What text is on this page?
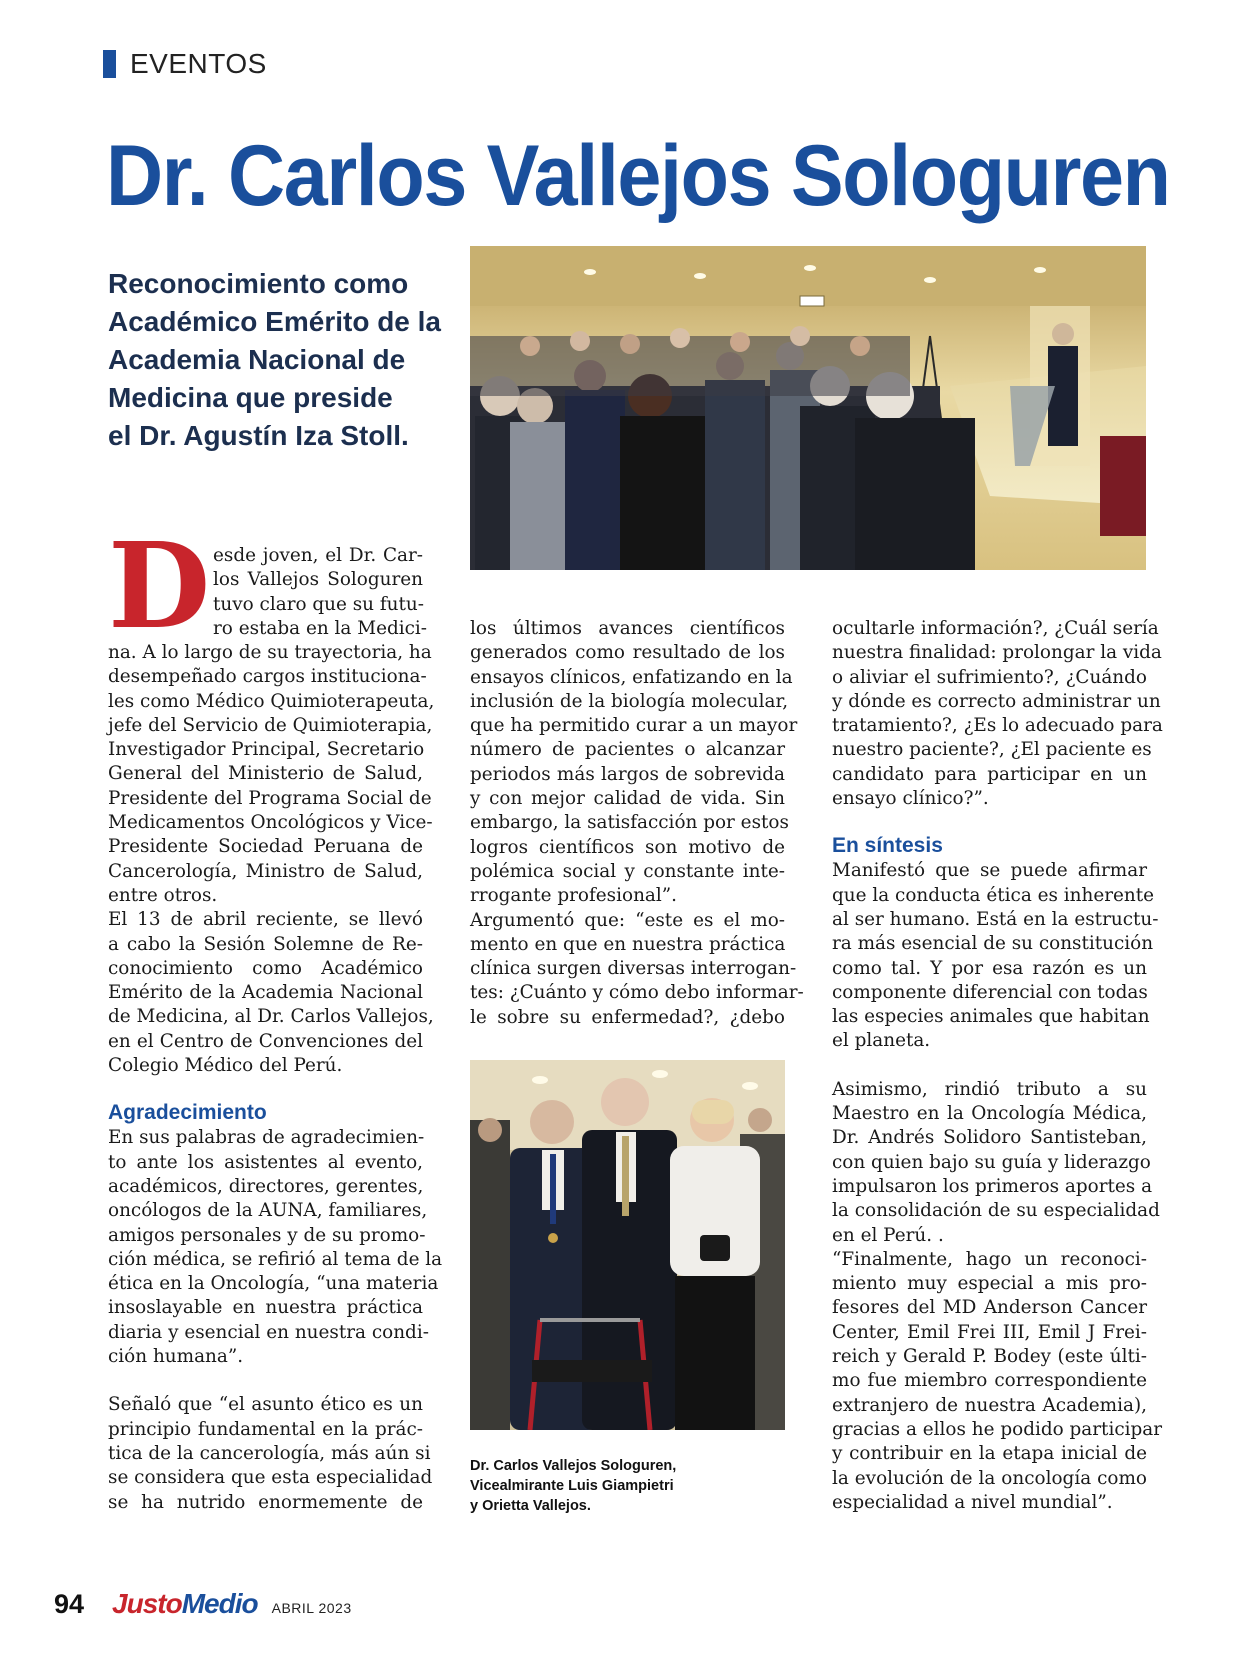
EVENTOS
Dr. Carlos Vallejos Sologuren
Reconocimiento como
Académico Emérito de la
Academia Nacional de
Medicina que preside
el Dr. Agustín Iza Stoll.
D esde joven, el Dr. Car-
los Vallejos Sologuren
tuvo claro que su futu-
ro estaba en la Medici-
na. A lo largo de su trayectoria, ha
desempeñado cargos instituciona-
les como Médico Quimioterapeuta,
jefe del Servicio de Quimioterapia,
Investigador Principal, Secretario
General del Ministerio de Salud,
Presidente del Programa Social de
Medicamentos Oncológicos y Vice-
Presidente Sociedad Peruana de
Cancerología, Ministro de Salud,
entre otros.
El 13 de abril reciente, se llevó
a cabo la Sesión Solemne de Re-
conocimiento como Académico
Emérito de la Academia Nacional
de Medicina, al Dr. Carlos Vallejos,
en el Centro de Convenciones del
Colegio Médico del Perú.
Agradecimiento
En sus palabras de agradecimien-
to ante los asistentes al evento,
académicos, directores, gerentes,
oncólogos de la AUNA, familiares,
amigos personales y de su promo-
ción médica, se refirió al tema de la
ética en la Oncología, “una materia
insoslayable en nuestra práctica
diaria y esencial en nuestra condi-
ción humana”.
Señaló que “el asunto ético es un
principio fundamental en la prác-
tica de la cancerología, más aún si
se considera que esta especialidad
se ha nutrido enormemente de
los últimos avances científicos
generados como resultado de los
ensayos clínicos, enfatizando en la
inclusión de la biología molecular,
que ha permitido curar a un mayor
número de pacientes o alcanzar
periodos más largos de sobrevida
y con mejor calidad de vida. Sin
embargo, la satisfacción por estos
logros científicos son motivo de
polémica social y constante inte-
rrogante profesional”.
Argumentó que: “este es el mo-
mento en que en nuestra práctica
clínica surgen diversas interrogan-
tes: ¿Cuánto y cómo debo informar-
le sobre su enfermedad?, ¿debo
Dr. Carlos Vallejos Sologuren,
Vicealmirante Luis Giampietri
y Orietta Vallejos.
ocultarle información?, ¿Cuál sería
nuestra finalidad: prolongar la vida
o aliviar el sufrimiento?, ¿Cuándo
y dónde es correcto administrar un
tratamiento?, ¿Es lo adecuado para
nuestro paciente?, ¿El paciente es
candidato para participar en un
ensayo clínico?”.
En síntesis
Manifestó que se puede afirmar
que la conducta ética es inherente
al ser humano. Está en la estructu-
ra más esencial de su constitución
como tal. Y por esa razón es un
componente diferencial con todas
las especies animales que habitan
el planeta.
Asimismo, rindió tributo a su
Maestro en la Oncología Médica,
Dr. Andrés Solidoro Santisteban,
con quien bajo su guía y liderazgo
impulsaron los primeros aportes a
la consolidación de su especialidad
en el Perú. .
“Finalmente, hago un reconoci-
miento muy especial a mis pro-
fesores del MD Anderson Cancer
Center, Emil Frei III, Emil J Frei-
reich y Gerald P. Bodey (este últi-
mo fue miembro correspondiente
extranjero de nuestra Academia),
gracias a ellos he podido participar
y contribuir en la etapa inicial de
la evolución de la oncología como
especialidad a nivel mundial”.
94 JustoMedio ABRIL 2023
